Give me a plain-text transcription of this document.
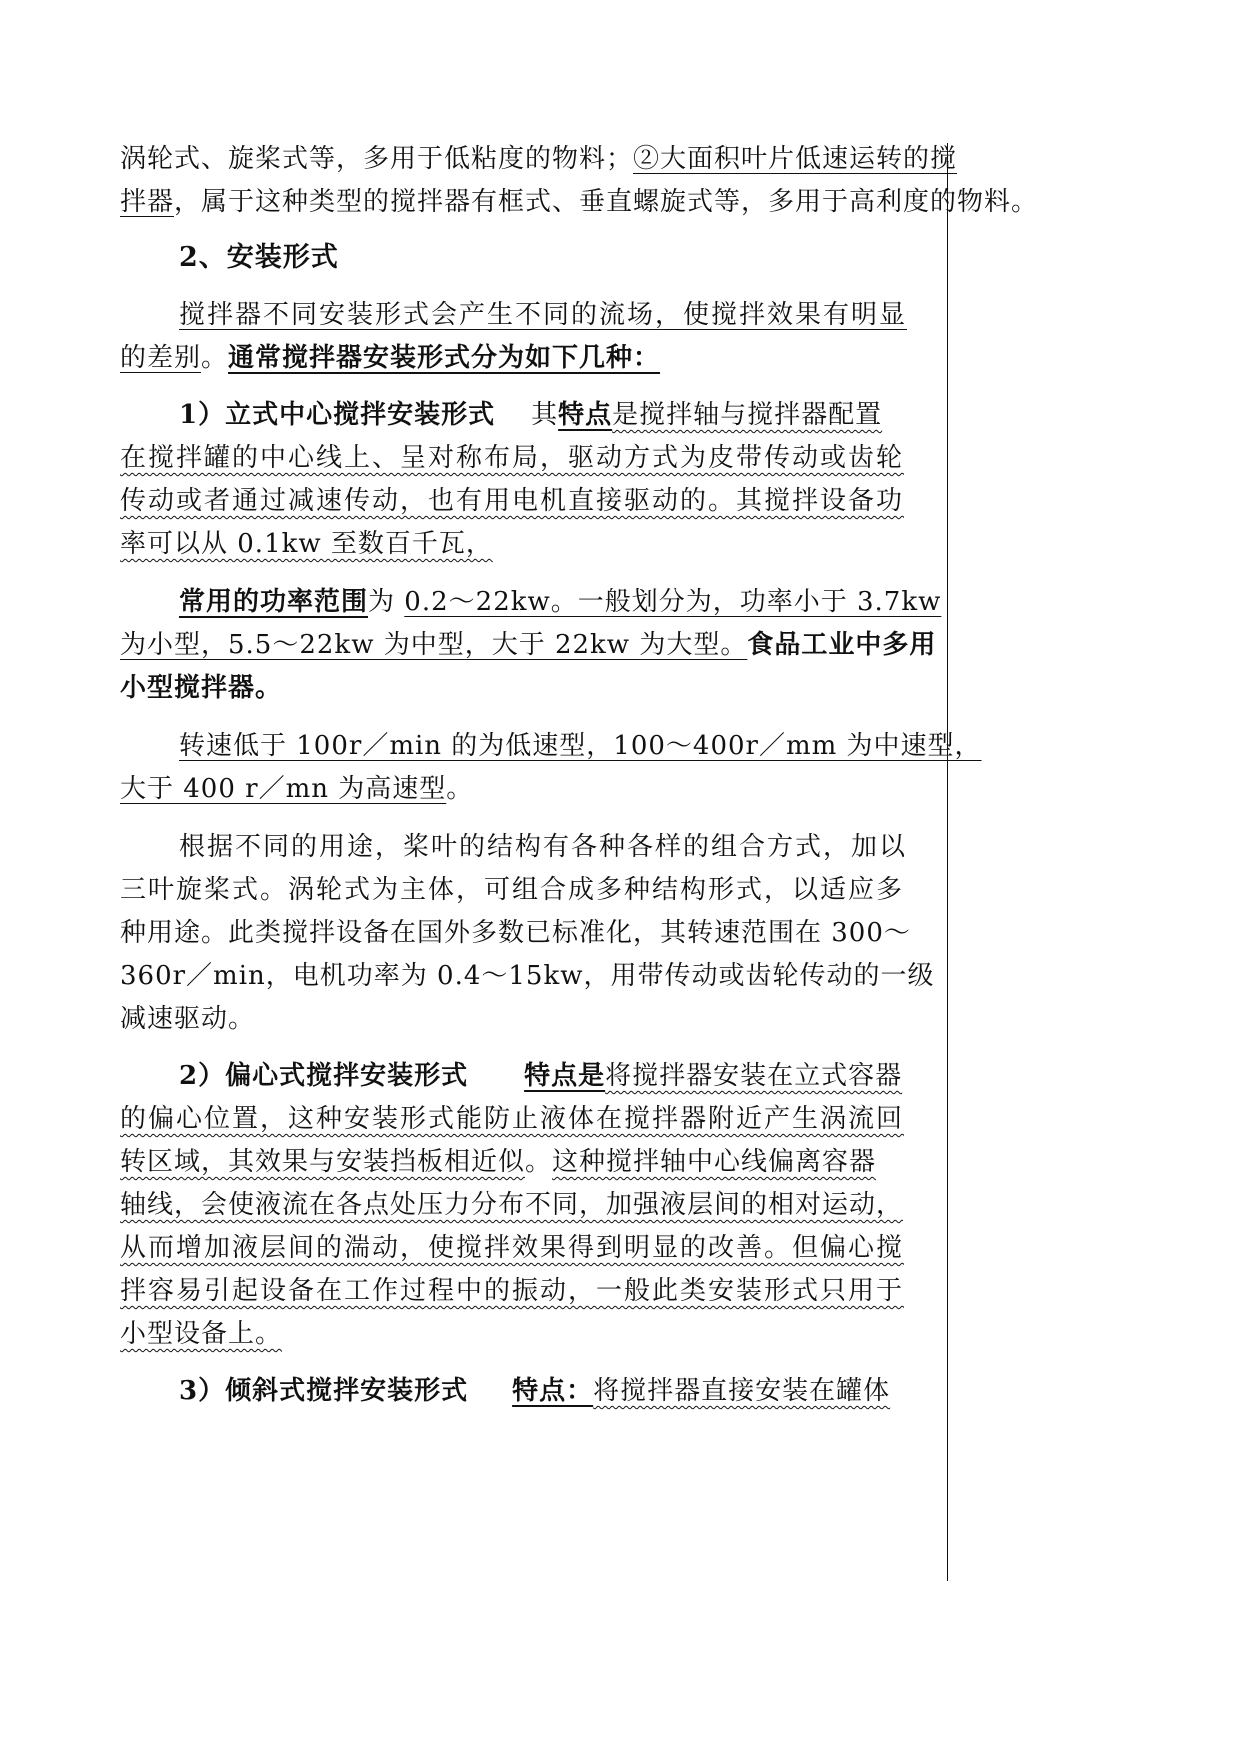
涡轮式、旋桨式等，多用于低粘度的物料；②大面积叶片低速运转的搅
拌器，属于这种类型的搅拌器有框式、垂直螺旋式等，多用于高利度的物料。
2、安装形式
搅拌器不同安装形式会产生不同的流场，使搅拌效果有明显
的差别。通常搅拌器安装形式分为如下几种：
1）立式中心搅拌安装形式 其特点是搅拌轴与搅拌器配置
在搅拌罐的中心线上、呈对称布局，驱动方式为皮带传动或齿轮
传动或者通过减速传动，也有用电机直接驱动的。其搅拌设备功
率可以从 0.1kw 至数百千瓦，
常用的功率范围为 0.2～22kw。一般划分为，功率小于 3.7kw
为小型，5.5～22kw 为中型，大于 22kw 为大型。食品工业中多用
小型搅拌器。
转速低于 100r／min 的为低速型，100～400r／mm 为中速型，
大于 400 r／mn 为高速型。
根据不同的用途，桨叶的结构有各种各样的组合方式，加以
三叶旋桨式。涡轮式为主体，可组合成多种结构形式，以适应多
种用途。此类搅拌设备在国外多数已标准化，其转速范围在 300～
360r／min，电机功率为 0.4～15kw，用带传动或齿轮传动的一级
减速驱动。
2）偏心式搅拌安装形式 特点是将搅拌器安装在立式容器
的偏心位置，这种安装形式能防止液体在搅拌器附近产生涡流回
转区域，其效果与安装挡板相近似。这种搅拌轴中心线偏离容器
轴线，会使液流在各点处压力分布不同，加强液层间的相对运动，
从而增加液层间的湍动，使搅拌效果得到明显的改善。但偏心搅
拌容易引起设备在工作过程中的振动，一般此类安装形式只用于
小型设备上。
3）倾斜式搅拌安装形式 特点：将搅拌器直接安装在罐体
